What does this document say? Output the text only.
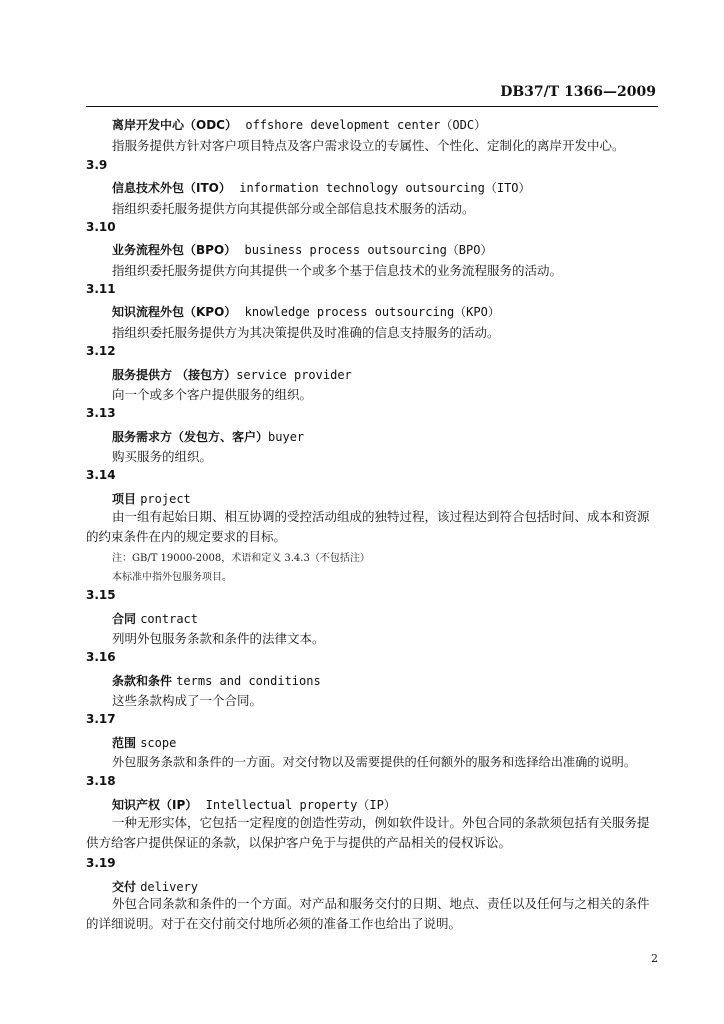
DB37/T 1366—2009
离岸开发中心（ODC） offshore development center（ODC）
指服务提供方针对客户项目特点及客户需求设立的专属性、个性化、定制化的离岸开发中心。
3.9
信息技术外包（ITO） information technology outsourcing（ITO）
指组织委托服务提供方向其提供部分或全部信息技术服务的活动。
3.10
业务流程外包（BPO） business process outsourcing（BPO）
指组织委托服务提供方向其提供一个或多个基于信息技术的业务流程服务的活动。
3.11
知识流程外包（KPO） knowledge process outsourcing（KPO）
指组织委托服务提供方为其决策提供及时准确的信息支持服务的活动。
3.12
服务提供方 （接包方）service provider
向一个或多个客户提供服务的组织。
3.13
服务需求方（发包方、客户）buyer
购买服务的组织。
3.14
项目 project
由一组有起始日期、相互协调的受控活动组成的独特过程，该过程达到符合包括时间、成本和资源的约束条件在内的规定要求的目标。
注：GB/T 19000-2008，术语和定义 3.4.3（不包括注）
本标准中指外包服务项目。
3.15
合同 contract
列明外包服务条款和条件的法律文本。
3.16
条款和条件 terms and conditions
这些条款构成了一个合同。
3.17
范围 scope
外包服务条款和条件的一方面。对交付物以及需要提供的任何额外的服务和选择给出准确的说明。
3.18
知识产权（IP） Intellectual property（IP）
一种无形实体，它包括一定程度的创造性劳动，例如软件设计。外包合同的条款须包括有关服务提供方给客户提供保证的条款，以保护客户免于与提供的产品相关的侵权诉讼。
3.19
交付 delivery
外包合同条款和条件的一个方面。对产品和服务交付的日期、地点、责任以及任何与之相关的条件的详细说明。对于在交付前交付地所必须的准备工作也给出了说明。
2
